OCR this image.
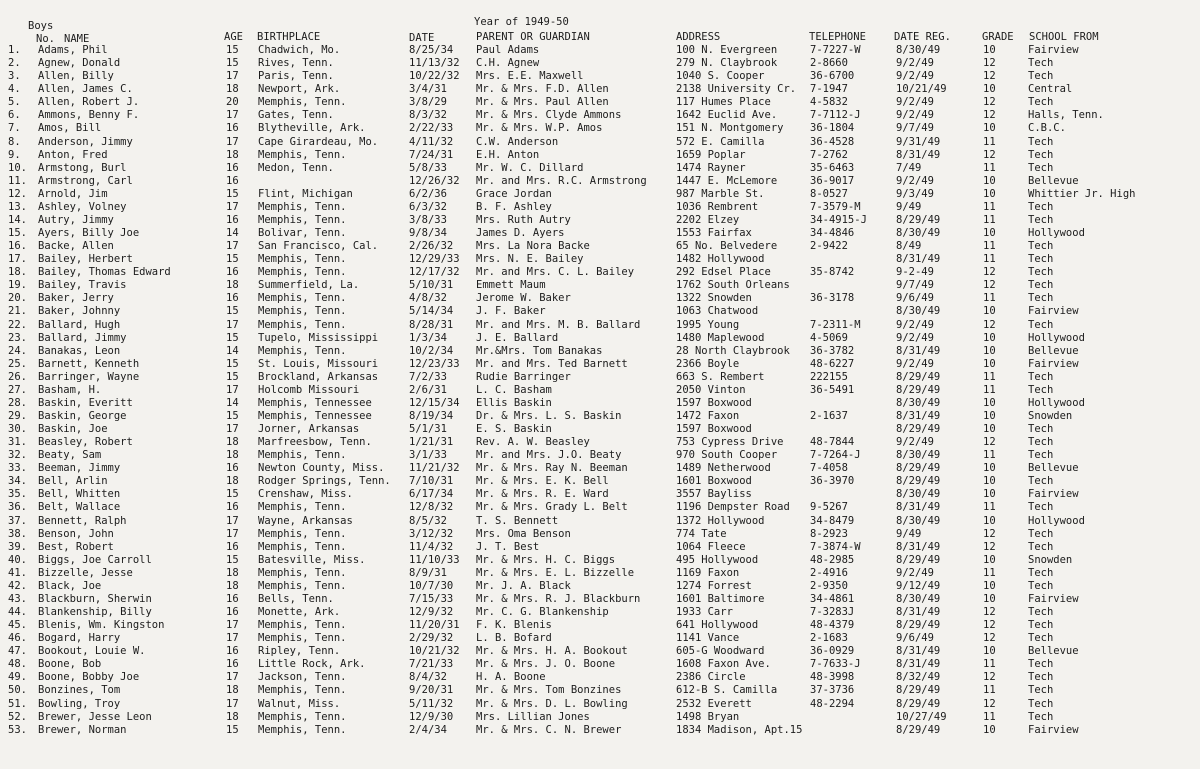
Boys	Year of 1949-50
No. NAME	AGE BIRTHPLACE	DATE	PARENT OR GUARDIAN	ADDRESS	TELEPHONE	DATE REG.	GRADE SCHOOL FROM
1. Adams, Phil	15 Chadwich, Mo.	8/25/34 Paul Adams	100 N. Evergreen	7-7227-W	8/30/49	10	Fairview
2. Agnew, Donald	15 Rives, Tenn.	11/13/32 C.H. Agnew	279 N. Claybrook	2-8660	9/2/49	12	Tech
3. Allen, Billy	17 Paris, Tenn.	10/22/32 Mrs. E.E. Maxwell	1040 S. Cooper	36-6700	9/2/49	12	Tech
4. Allen, James C.	18 Newport, Ark.	3/4/31	Mr. & Mrs. F.D. Allen	2138 University Cr. 7-1947	10/21/49	10	Central
5. Allen, Robert J.	20 Memphis, Tenn.	3/8/29	Mr. & Mrs. Paul Allen	117 Humes Place	4-5832	9/2/49	12	Tech
6. Ammons, Benny F.	17 Gates, Tenn.	8/3/32	Mr. & Mrs. Clyde Ammons	1642 Euclid Ave.	7-7112-J	9/2/49	12	Halls, Tenn.
7. Amos, Bill	16 Blytheville, Ark.	2/22/33 Mr. & Mrs. W.P. Amos	151 N. Montgomery	36-1804	9/7/49	10	C.B.C.
8. Anderson, Jimmy	17 Cape Girardeau, Mo.	4/11/32 C.W. Anderson	572 E. Camilla	36-4528	9/31/49	11	Tech
9. Anton, Fred	18 Memphis, Tenn.	7/24/31 E.H. Anton	1659 Poplar	7-2762	8/31/49	12	Tech
10. Armstong, Burl	16 Medon, Tenn.	5/8/33	Mr. W. C. Dillard	1474 Rayner	35-6463	7/49	11	Tech
11. Armstrong, Carl	16	12/26/32 Mr. and Mrs. R.C. Armstrong	1447 E. McLemore	36-9017	9/2/49	10	Bellevue
12. Arnold, Jim	15 Flint, Michigan	6/2/36	Grace Jordan	987 Marble St.	8-0527	9/3/49	10	Whittier Jr. High
13. Ashley, Volney	17 Memphis, Tenn.	6/3/32	B. F. Ashley	1036 Rembrent	7-3579-M	9/49	11	Tech
14. Autry, Jimmy	16 Memphis, Tenn.	3/8/33	Mrs. Ruth Autry	2202 Elzey	34-4915-J	8/29/49	11	Tech
15. Ayers, Billy Joe	14 Bolivar, Tenn.	9/8/34	James D. Ayers	1553 Fairfax	34-4846	8/30/49	10	Hollywood
16. Backe, Allen	17 San Francisco, Cal.	2/26/32 Mrs. La Nora Backe	65 No. Belvedere	2-9422	8/49	11	Tech
17. Bailey, Herbert	15 Memphis, Tenn.	12/29/33 Mrs. N. E. Bailey	1482 Hollywood	8/31/49	11	Tech
18. Bailey, Thomas Edward	16 Memphis, Tenn.	12/17/32 Mr. and Mrs. C. L. Bailey	292 Edsel Place	35-8742	9-2-49	12	Tech
19. Bailey, Travis	18 Summerfield, La.	5/10/31 Emmett Maum	1762 South Orleans	9/7/49	12	Tech
20. Baker, Jerry	16 Memphis, Tenn.	4/8/32	Jerome W. Baker	1322 Snowden	36-3178	9/6/49	11	Tech
21. Baker, Johnny	15 Memphis, Tenn.	5/14/34 J. F. Baker	1063 Chatwood	8/30/49	10	Fairview
22. Ballard, Hugh	17 Memphis, Tenn.	8/28/31 Mr. and Mrs. M. B. Ballard	1995 Young	7-2311-M	9/2/49	12	Tech
23. Ballard, Jimmy	15 Tupelo, Mississippi	1/3/34	J. E. Ballard	1480 Maplewood	4-5069	9/2/49	10	Hollywood
24. Banakas, Leon	14 Memphis, Tenn.	10/2/34 Mr.&Mrs. Tom Banakas	28 North Claybrook 36-3782	8/31/49	10	Bellevue
25. Barnett, Kenneth	15 St. Louis, Missouri	12/23/33 Mr. and Mrs. Ted Barnett	2366 Boyle	48-6227	9/2/49	10	Fairview
26. Barringer, Wayne	15 Brockland, Arkansas	7/2/33	Rudie Barringer	663 S. Rembert	222155	8/29/49	11	Tech
27. Basham, H.	17 Holcomb Missouri	2/6/31	L. C. Basham	2050 Vinton	36-5491	8/29/49	11	Tech
28. Baskin, Everitt	14 Memphis, Tennessee	12/15/34 Ellis Baskin	1597 Boxwood	8/30/49	10	Hollywood
29. Baskin, George	15 Memphis, Tennessee	8/19/34 Dr. & Mrs. L. S. Baskin	1472 Faxon	2-1637	8/31/49	10	Snowden
30. Baskin, Joe	17 Jorner, Arkansas	5/1/31	E. S. Baskin	1597 Boxwood	8/29/49	10	Tech
31. Beasley, Robert	18 Marfreesbow, Tenn.	1/21/31 Rev. A. W. Beasley	753 Cypress Drive	48-7844	9/2/49	12	Tech
32. Beaty, Sam	18 Memphis, Tenn.	3/1/33	Mr. and Mrs. J.O. Beaty	970 South Cooper	7-7264-J	8/30/49	11	Tech
33. Beeman, Jimmy	16 Newton County, Miss. 11/21/32 Mr. & Mrs. Ray N. Beeman	1489 Netherwood	7-4058	8/29/49	10	Bellevue
34. Bell, Arlin	18 Rodger Springs, Tenn. 7/10/31 Mr. & Mrs. E. K. Bell	1601 Boxwood	36-3970	8/29/49	10	Tech
35. Bell, Whitten	15 Crenshaw, Miss.	6/17/34 Mr. & Mrs. R. E. Ward	3557 Bayliss	8/30/49	10	Fairview
36. Belt, Wallace	16 Memphis, Tenn.	12/8/32 Mr. & Mrs. Grady L. Belt	1196 Dempster Road 9-5267	8/31/49	11	Tech
37. Bennett, Ralph	17 Wayne, Arkansas	8/5/32	T. S. Bennett	1372 Hollywood	34-8479	8/30/49	10	Hollywood
38. Benson, John	17 Memphis, Tenn.	3/12/32 Mrs. Oma Benson	774 Tate	8-2923	9/49	12	Tech
39. Best, Robert	16 Memphis, Tenn.	11/4/32 J. T. Best	1064 Fleece	7-3874-W	8/31/49	12	Tech
40. Biggs, Joe Carroll	15 Batesville, Miss.	11/10/33 Mr. & Mrs. H. C. Biggs	495 Hollywood	48-2985	8/29/49	10	Snowden
41. Bizzelle, Jesse	18 Memphis, Tenn.	8/9/31	Mr. & Mrs. E. L. Bizzelle	1169 Faxon	2-4916	9/2/49	11	Tech
42. Black, Joe	18 Memphis, Tenn.	10/7/30 Mr. J. A. Black	1274 Forrest	2-9350	9/12/49	10	Tech
43. Blackburn, Sherwin	16 Bells, Tenn.	7/15/33 Mr. & Mrs. R. J. Blackburn	1601 Baltimore	34-4861	8/30/49	10	Fairview
44. Blankenship, Billy	16 Monette, Ark.	12/9/32 Mr. C. G. Blankenship	1933 Carr	7-3283J	8/31/49	12	Tech
45. Blenis, Wm. Kingston	17 Memphis, Tenn.	11/20/31 F. K. Blenis	641 Hollywood	48-4379	8/29/49	12	Tech
46. Bogard, Harry	17 Memphis, Tenn.	2/29/32 L. B. Bofard	1141 Vance	2-1683	9/6/49	12	Tech
47. Bookout, Louie W.	16 Ripley, Tenn.	10/21/32 Mr. & Mrs. H. A. Bookout	605-G Woodward	36-0929	8/31/49	10	Bellevue
48. Boone, Bob	16 Little Rock, Ark.	7/21/33 Mr. & Mrs. J. O. Boone	1608 Faxon Ave.	7-7633-J	8/31/49	11	Tech
49. Boone, Bobby Joe	17 Jackson, Tenn.	8/4/32	H. A. Boone	2386 Circle	48-3998	8/32/49	12	Tech
50. Bonzines, Tom	18 Memphis, Tenn.	9/20/31 Mr. & Mrs. Tom Bonzines	612-B S. Camilla	37-3736	8/29/49	11	Tech
51. Bowling, Troy	17 Walnut, Miss.	5/11/32 Mr. & Mrs. D. L. Bowling	2532 Everett	48-2294	8/29/49	12	Tech
52. Brewer, Jesse Leon	18 Memphis, Tenn.	12/9/30 Mrs. Lillian Jones	1498 Bryan	10/27/49	11	Tech
53. Brewer, Norman	15 Memphis, Tenn.	2/4/34	Mr. & Mrs. C. N. Brewer	1834 Madison, Apt.15	8/29/49	10	Fairview
